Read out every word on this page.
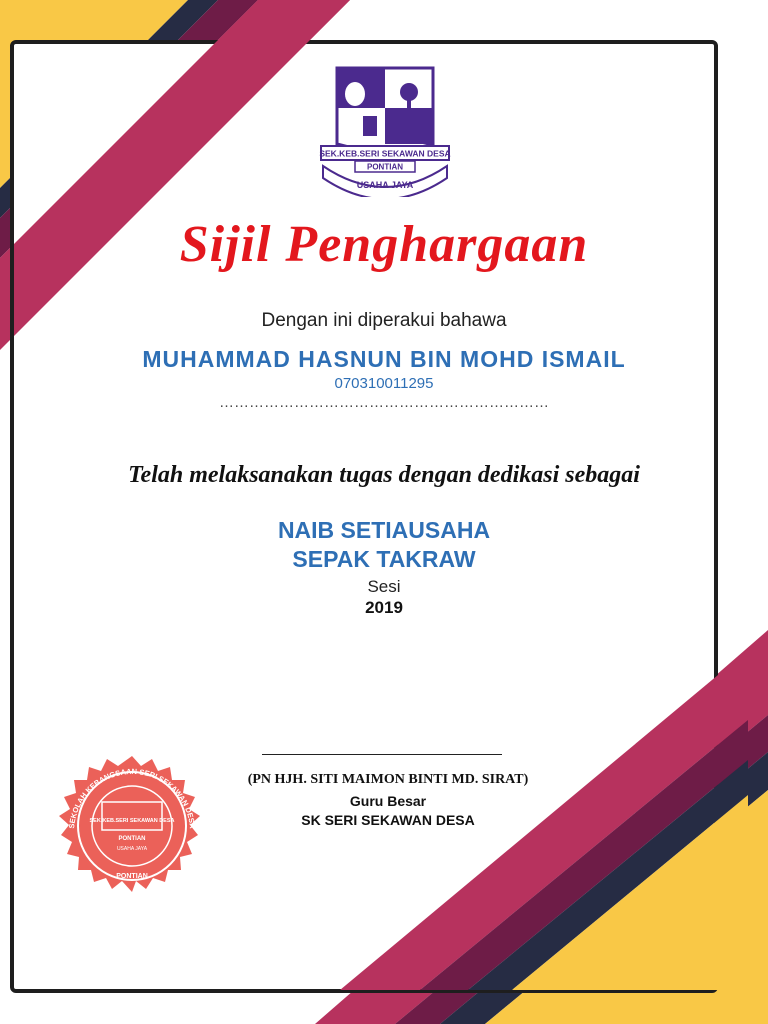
SEK.KEB.SERI SEKAWAN DESA
PONTIAN
USAHA JAYA
Sijil Penghargaan
Dengan ini diperakui bahawa
MUHAMMAD HASNUN BIN MOHD ISMAIL
070310011295
…………………………………………………………
Telah melaksanakan tugas dengan dedikasi sebagai
NAIB SETIAUSAHA
SEPAK TAKRAW
Sesi
2019
(PN HJH. SITI MAIMON BINTI MD. SIRAT)
Guru Besar
SK SERI SEKAWAN DESA
SEKOLAH KEBANGSAAN SERI SEKAWAN DESA
SEK.KEB.SERI SEKAWAN DESA
PONTIAN
USAHA JAYA
PONTIAN
